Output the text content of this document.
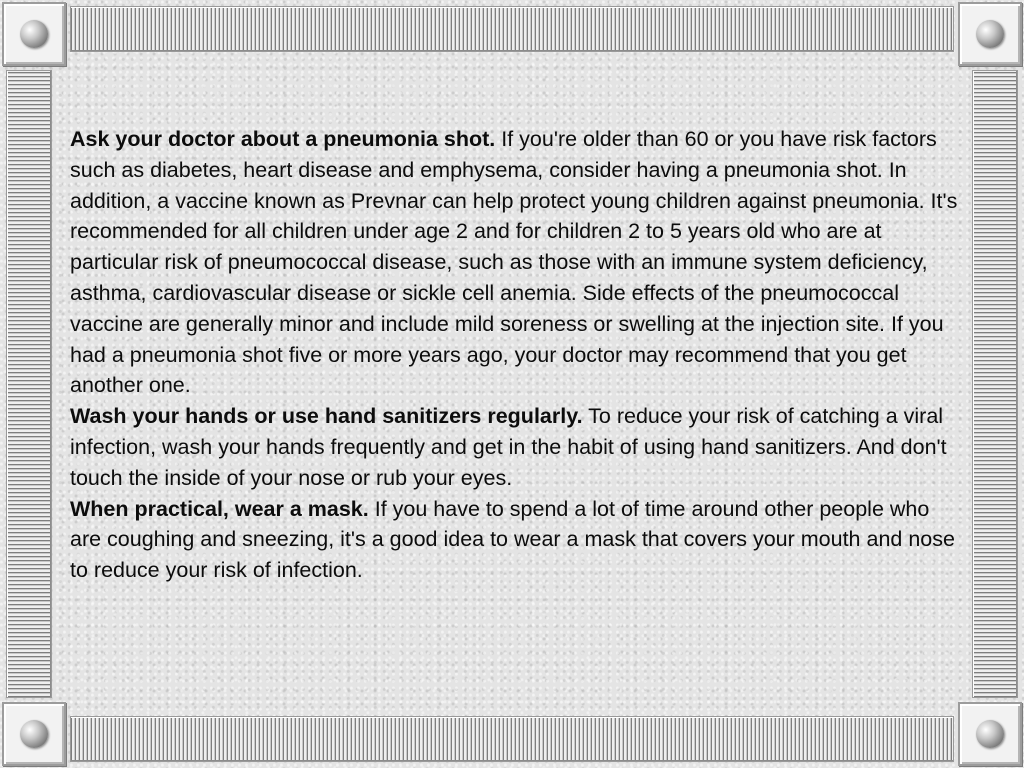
Ask your doctor about a pneumonia shot. If you're older than 60 or you have risk factors such as diabetes, heart disease and emphysema, consider having a pneumonia shot. In addition, a vaccine known as Prevnar can help protect young children against pneumonia. It's recommended for all children under age 2 and for children 2 to 5 years old who are at particular risk of pneumococcal disease, such as those with an immune system deficiency, asthma, cardiovascular disease or sickle cell anemia. Side effects of the pneumococcal vaccine are generally minor and include mild soreness or swelling at the injection site. If you had a pneumonia shot five or more years ago, your doctor may recommend that you get another one.

Wash your hands or use hand sanitizers regularly. To reduce your risk of catching a viral infection, wash your hands frequently and get in the habit of using hand sanitizers. And don't touch the inside of your nose or rub your eyes.

When practical, wear a mask. If you have to spend a lot of time around other people who are coughing and sneezing, it's a good idea to wear a mask that covers your mouth and nose to reduce your risk of infection.
